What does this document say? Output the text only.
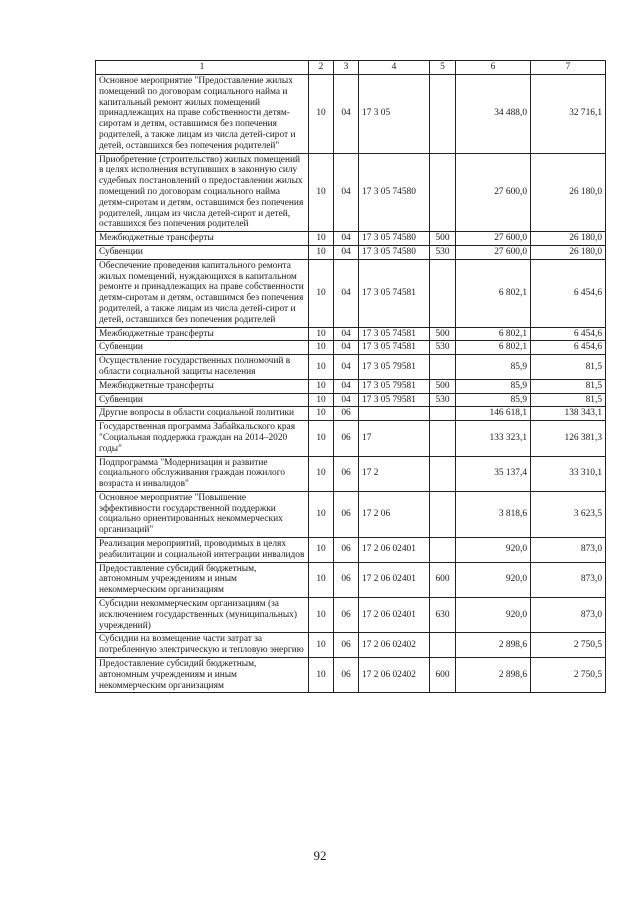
1	2	3	4	5	6	7
Основное мероприятие "Предоставление жилых помещений по договорам социального найма и капитальный ремонт жилых помещений принадлежащих на праве собственности детям-сиротам и детям, оставшимся без попечения родителей, а также лицам из числа детей-сирот и детей, оставшихся без попечения родителей"	10	04	17 3 05		34 488,0	32 716,1
Приобретение (строительство) жилых помещений в целях исполнения вступивших в законную силу судебных постановлений о предоставлении жилых помещений по договорам социального найма детям-сиротам и детям, оставшимся без попечения родителей, лицам из числа детей-сирот и детей, оставшихся без попечения родителей	10	04	17 3 05 74580		27 600,0	26 180,0
Межбюджетные трансферты	10	04	17 3 05 74580	500	27 600,0	26 180,0
Субвенции	10	04	17 3 05 74580	530	27 600,0	26 180,0
Обеспечение проведения капитального ремонта жилых помещений, нуждающихся в капитальном ремонте и принадлежащих на праве собственности детям-сиротам и детям, оставшимся без попечения родителей, а также лицам из числа детей-сирот и детей, оставшихся без попечения родителей	10	04	17 3 05 74581		6 802,1	6 454,6
Межбюджетные трансферты	10	04	17 3 05 74581	500	6 802,1	6 454,6
Субвенции	10	04	17 3 05 74581	530	6 802,1	6 454,6
Осуществление государственных полномочий в области социальной защиты населения	10	04	17 3 05 79581		85,9	81,5
Межбюджетные трансферты	10	04	17 3 05 79581	500	85,9	81,5
Субвенции	10	04	17 3 05 79581	530	85,9	81,5
Другие вопросы в области социальной политики	10	06			146 618,1	138 343,1
Государственная программа Забайкальского края "Социальная поддержка граждан на 2014–2020 годы"	10	06	17		133 323,1	126 381,3
Подпрограмма "Модернизация и развитие социального обслуживания граждан пожилого возраста и инвалидов"	10	06	17 2		35 137,4	33 310,1
Основное мероприятие "Повышение эффективности государственной поддержки социально ориентированных некоммерческих организаций"	10	06	17 2 06		3 818,6	3 623,5
Реализация мероприятий, проводимых в целях реабилитации и социальной интеграции инвалидов	10	06	17 2 06 02401		920,0	873,0
Предоставление субсидий бюджетным, автономным учреждениям и иным некоммерческим организациям	10	06	17 2 06 02401	600	920,0	873,0
Субсидии некоммерческим организациям (за исключением государственных (муниципальных) учреждений)	10	06	17 2 06 02401	630	920,0	873,0
Субсидии на возмещение части затрат за потребленную электрическую и тепловую энергию	10	06	17 2 06 02402		2 898,6	2 750,5
Предоставление субсидий бюджетным, автономным учреждениям и иным некоммерческим организациям	10	06	17 2 06 02402	600	2 898,6	2 750,5
92
